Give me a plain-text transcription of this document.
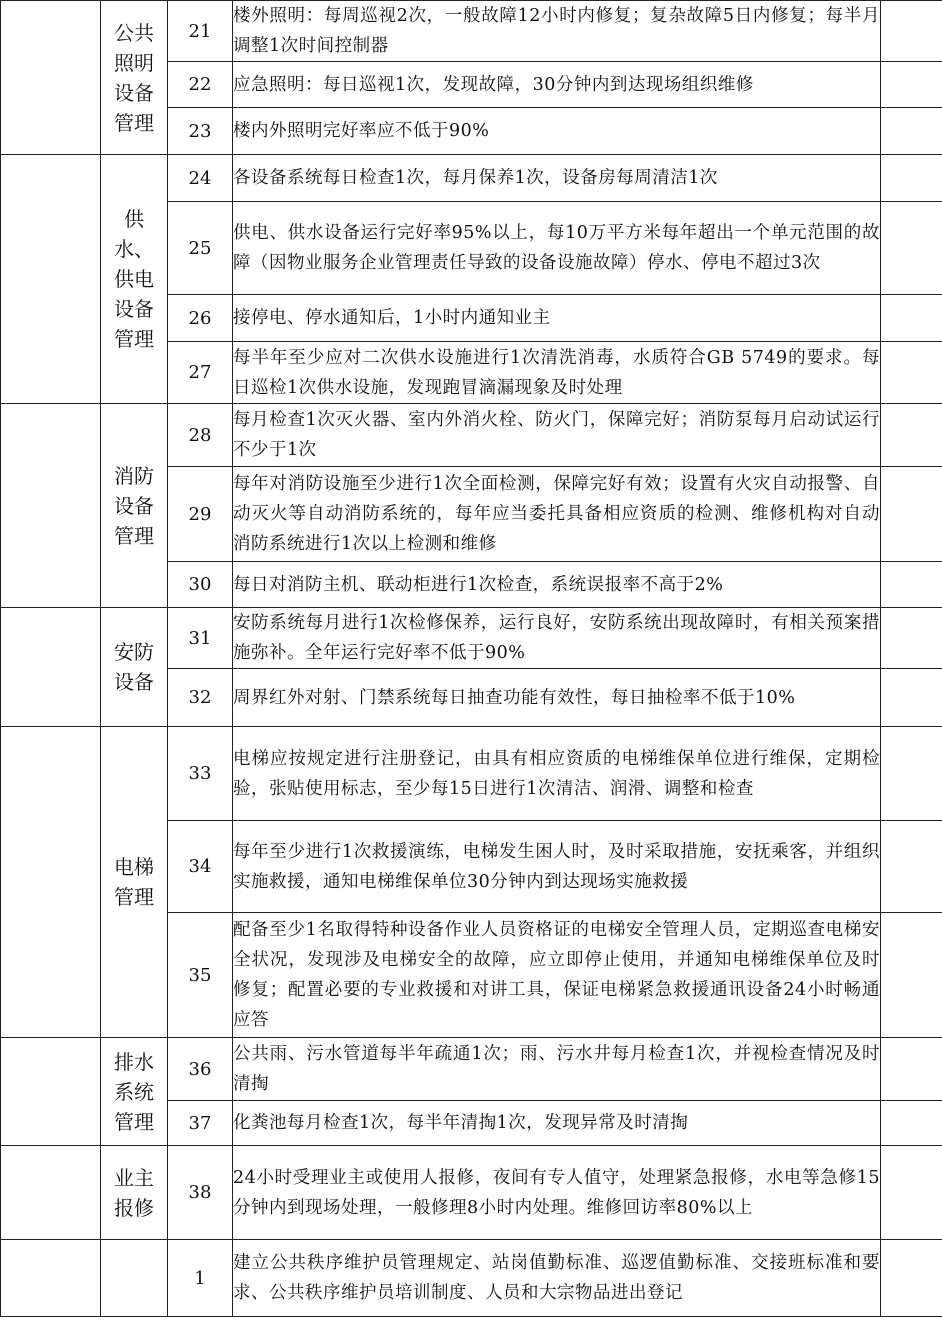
	公共
照明
设备
管理	21	楼外照明：每周巡视2次，一般故障12小时内修复；复杂故障5日内修复；每半月调整1次时间控制器	
		22	应急照明：每日巡视1次，发现故障，30分钟内到达现场组织维修	
		23	楼内外照明完好率应不低于90%	

	供
水、
供电
设备
管理	24	各设备系统每日检查1次，每月保养1次，设备房每周清洁1次	
		25	供电、供水设备运行完好率95%以上，每10万平方米每年超出一个单元范围的故障（因物业服务企业管理责任导致的设备设施故障）停水、停电不超过3次	
		26	接停电、停水通知后，1小时内通知业主	
		27	每半年至少应对二次供水设施进行1次清洗消毒，水质符合GB 5749的要求。每日巡检1次供水设施，发现跑冒滴漏现象及时处理	

	消防
设备
管理	28	每月检查1次灭火器、室内外消火栓、防火门，保障完好；消防泵每月启动试运行不少于1次	
		29	每年对消防设施至少进行1次全面检测，保障完好有效；设置有火灾自动报警、自动灭火等自动消防系统的，每年应当委托具备相应资质的检测、维修机构对自动消防系统进行1次以上检测和维修	
		30	每日对消防主机、联动柜进行1次检查，系统误报率不高于2%	

	安防
设备	31	安防系统每月进行1次检修保养，运行良好，安防系统出现故障时，有相关预案措施弥补。全年运行完好率不低于90%	
		32	周界红外对射、门禁系统每日抽查功能有效性，每日抽检率不低于10%	

	电梯
管理	33	电梯应按规定进行注册登记，由具有相应资质的电梯维保单位进行维保，定期检验，张贴使用标志，至少每15日进行1次清洁、润滑、调整和检查	
		34	每年至少进行1次救援演练，电梯发生困人时，及时采取措施，安抚乘客，并组织实施救援，通知电梯维保单位30分钟内到达现场实施救援	
		35	配备至少1名取得特种设备作业人员资格证的电梯安全管理人员，定期巡查电梯安全状况，发现涉及电梯安全的故障，应立即停止使用，并通知电梯维保单位及时修复；配置必要的专业救援和对讲工具，保证电梯紧急救援通讯设备24小时畅通应答	

	排水
系统
管理	36	公共雨、污水管道每半年疏通1次；雨、污水井每月检查1次，并视检查情况及时清掏	
		37	化粪池每月检查1次，每半年清掏1次，发现异常及时清掏	

	业主
报修	38	24小时受理业主或使用人报修，夜间有专人值守，处理紧急报修，水电等急修15分钟内到现场处理，一般修理8小时内处理。维修回访率80%以上	
		1	建立公共秩序维护员管理规定、站岗值勤标准、巡逻值勤标准、交接班标准和要求、公共秩序维护员培训制度、人员和大宗物品进出登记	
